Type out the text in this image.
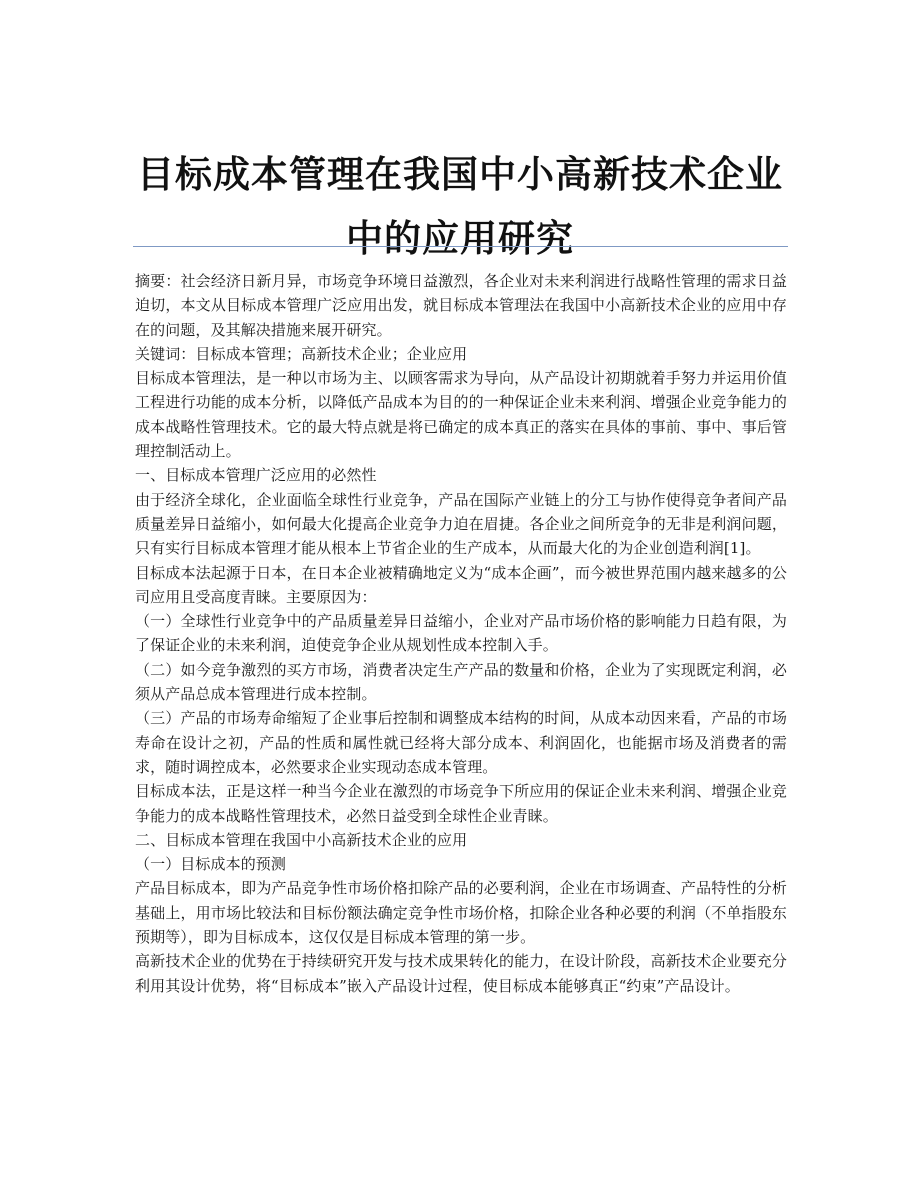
目标成本管理在我国中小高新技术企业中的应用研究

摘要：社会经济日新月异，市场竞争环境日益激烈，各企业对未来利润进行战略性管理的需求日益迫切，本文从目标成本管理广泛应用出发，就目标成本管理法在我国中小高新技术企业的应用中存在的问题，及其解决措施来展开研究。

关键词：目标成本管理；高新技术企业；企业应用

目标成本管理法，是一种以市场为主、以顾客需求为导向，从产品设计初期就着手努力并运用价值工程进行功能的成本分析，以降低产品成本为目的的一种保证企业未来利润、增强企业竞争能力的成本战略性管理技术。它的最大特点就是将已确定的成本真正的落实在具体的事前、事中、事后管理控制活动上。

一、目标成本管理广泛应用的必然性

由于经济全球化，企业面临全球性行业竞争，产品在国际产业链上的分工与协作使得竞争者间产品质量差异日益缩小，如何最大化提高企业竞争力迫在眉捷。各企业之间所竞争的无非是利润问题，只有实行目标成本管理才能从根本上节省企业的生产成本，从而最大化的为企业创造利润[1]。

目标成本法起源于日本，在日本企业被精确地定义为“成本企画”，而今被世界范围内越来越多的公司应用且受高度青睐。主要原因为：

（一）全球性行业竞争中的产品质量差异日益缩小，企业对产品市场价格的影响能力日趋有限，为了保证企业的未来利润，迫使竞争企业从规划性成本控制入手。

（二）如今竞争激烈的买方市场，消费者决定生产产品的数量和价格，企业为了实现既定利润，必须从产品总成本管理进行成本控制。

（三）产品的市场寿命缩短了企业事后控制和调整成本结构的时间，从成本动因来看，产品的市场寿命在设计之初，产品的性质和属性就已经将大部分成本、利润固化，也能据市场及消费者的需求，随时调控成本，必然要求企业实现动态成本管理。

目标成本法，正是这样一种当今企业在激烈的市场竞争下所应用的保证企业未来利润、增强企业竞争能力的成本战略性管理技术，必然日益受到全球性企业青睐。

二、目标成本管理在我国中小高新技术企业的应用

（一）目标成本的预测

产品目标成本，即为产品竞争性市场价格扣除产品的必要利润，企业在市场调查、产品特性的分析基础上，用市场比较法和目标份额法确定竞争性市场价格，扣除企业各种必要的利润（不单指股东预期等），即为目标成本，这仅仅是目标成本管理的第一步。

高新技术企业的优势在于持续研究开发与技术成果转化的能力，在设计阶段，高新技术企业要充分利用其设计优势，将“目标成本”嵌入产品设计过程，使目标成本能够真正“约束”产品设计。
